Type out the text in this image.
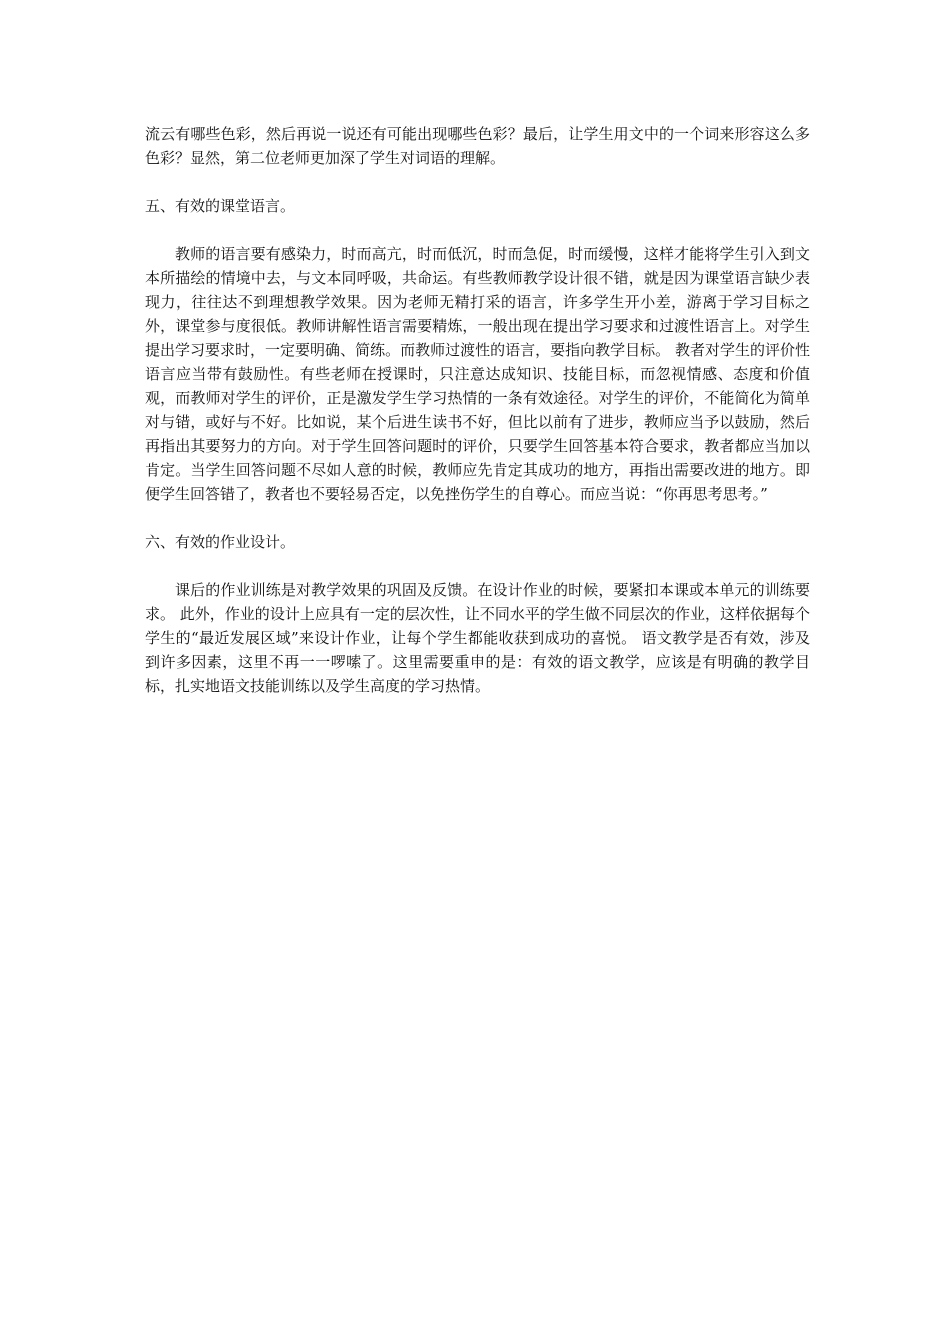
流云有哪些色彩，然后再说一说还有可能出现哪些色彩？最后，让学生用文中的一个词来形容这么多色彩？显然，第二位老师更加深了学生对词语的理解。

五、有效的课堂语言。

教师的语言要有感染力，时而高亢，时而低沉，时而急促，时而缓慢，这样才能将学生引入到文本所描绘的情境中去，与文本同呼吸，共命运。有些教师教学设计很不错，就是因为课堂语言缺少表现力，往往达不到理想教学效果。因为老师无精打采的语言，许多学生开小差，游离于学习目标之外，课堂参与度很低。教师讲解性语言需要精炼，一般出现在提出学习要求和过渡性语言上。对学生提出学习要求时，一定要明确、简练。而教师过渡性的语言，要指向教学目标。 教者对学生的评价性语言应当带有鼓励性。有些老师在授课时，只注意达成知识、技能目标，而忽视情感、态度和价值观，而教师对学生的评价，正是激发学生学习热情的一条有效途径。对学生的评价，不能简化为简单对与错，或好与不好。比如说，某个后进生读书不好，但比以前有了进步，教师应当予以鼓励，然后再指出其要努力的方向。对于学生回答问题时的评价，只要学生回答基本符合要求，教者都应当加以肯定。当学生回答问题不尽如人意的时候，教师应先肯定其成功的地方，再指出需要改进的地方。即便学生回答错了，教者也不要轻易否定，以免挫伤学生的自尊心。而应当说：“你再思考思考。”

六、有效的作业设计。

课后的作业训练是对教学效果的巩固及反馈。在设计作业的时候，要紧扣本课或本单元的训练要求。 此外，作业的设计上应具有一定的层次性，让不同水平的学生做不同层次的作业，这样依据每个学生的“最近发展区域”来设计作业，让每个学生都能收获到成功的喜悦。 语文教学是否有效，涉及到许多因素，这里不再一一啰嗦了。这里需要重申的是：有效的语文教学，应该是有明确的教学目标，扎实地语文技能训练以及学生高度的学习热情。
